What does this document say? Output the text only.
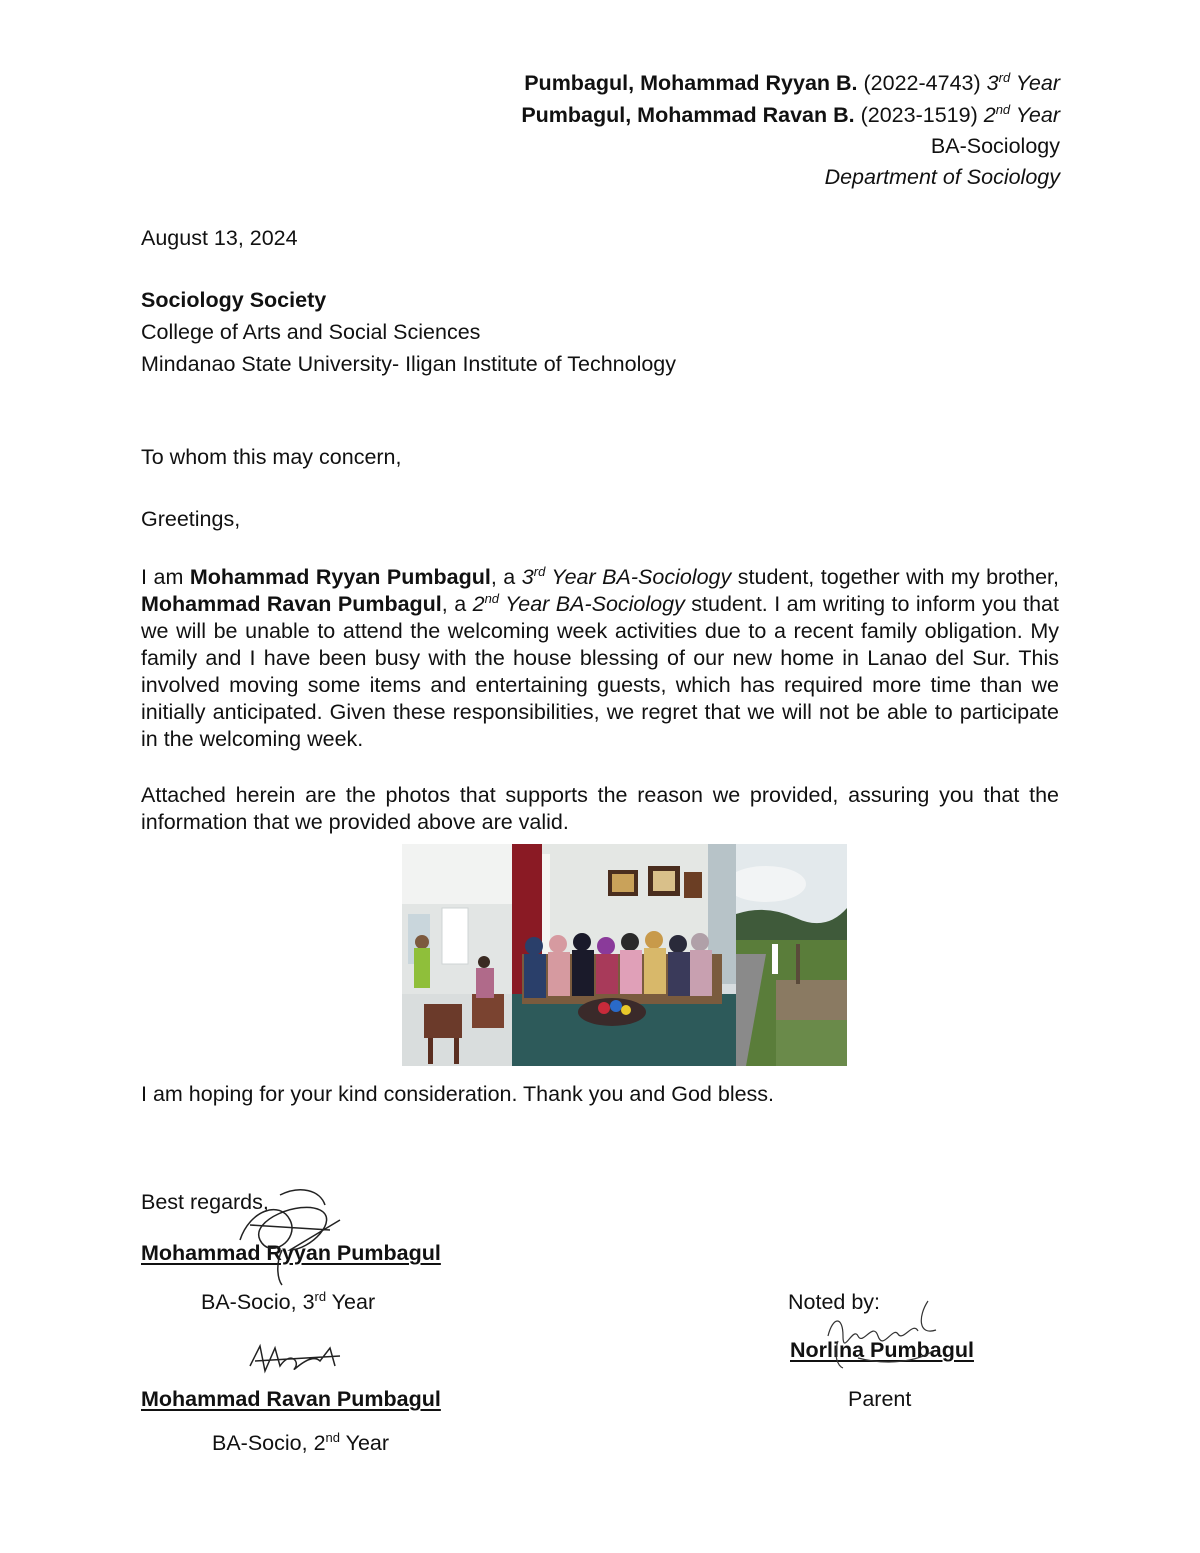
Pumbagul, Mohammad Ryyan B. (2022-4743) 3rd Year
Pumbagul, Mohammad Ravan B. (2023-1519) 2nd Year
BA-Sociology
Department of Sociology
August 13, 2024
Sociology Society
College of Arts and Social Sciences
Mindanao State University- Iligan Institute of Technology
To whom this may concern,
Greetings,
I am Mohammad Ryyan Pumbagul, a 3rd Year BA-Sociology student, together with my brother, Mohammad Ravan Pumbagul, a 2nd Year BA-Sociology student. I am writing to inform you that we will be unable to attend the welcoming week activities due to a recent family obligation. My family and I have been busy with the house blessing of our new home in Lanao del Sur. This involved moving some items and entertaining guests, which has required more time than we initially anticipated. Given these responsibilities, we regret that we will not be able to participate in the welcoming week.
Attached herein are the photos that supports the reason we provided, assuring you that the information that we provided above are valid.
I am hoping for your kind consideration. Thank you and God bless.
Best regards,
Mohammad Ryyan Pumbagul
BA-Socio, 3rd Year
Mohammad Ravan Pumbagul
BA-Socio, 2nd Year
Noted by:
Norlina Pumbagul
Parent
